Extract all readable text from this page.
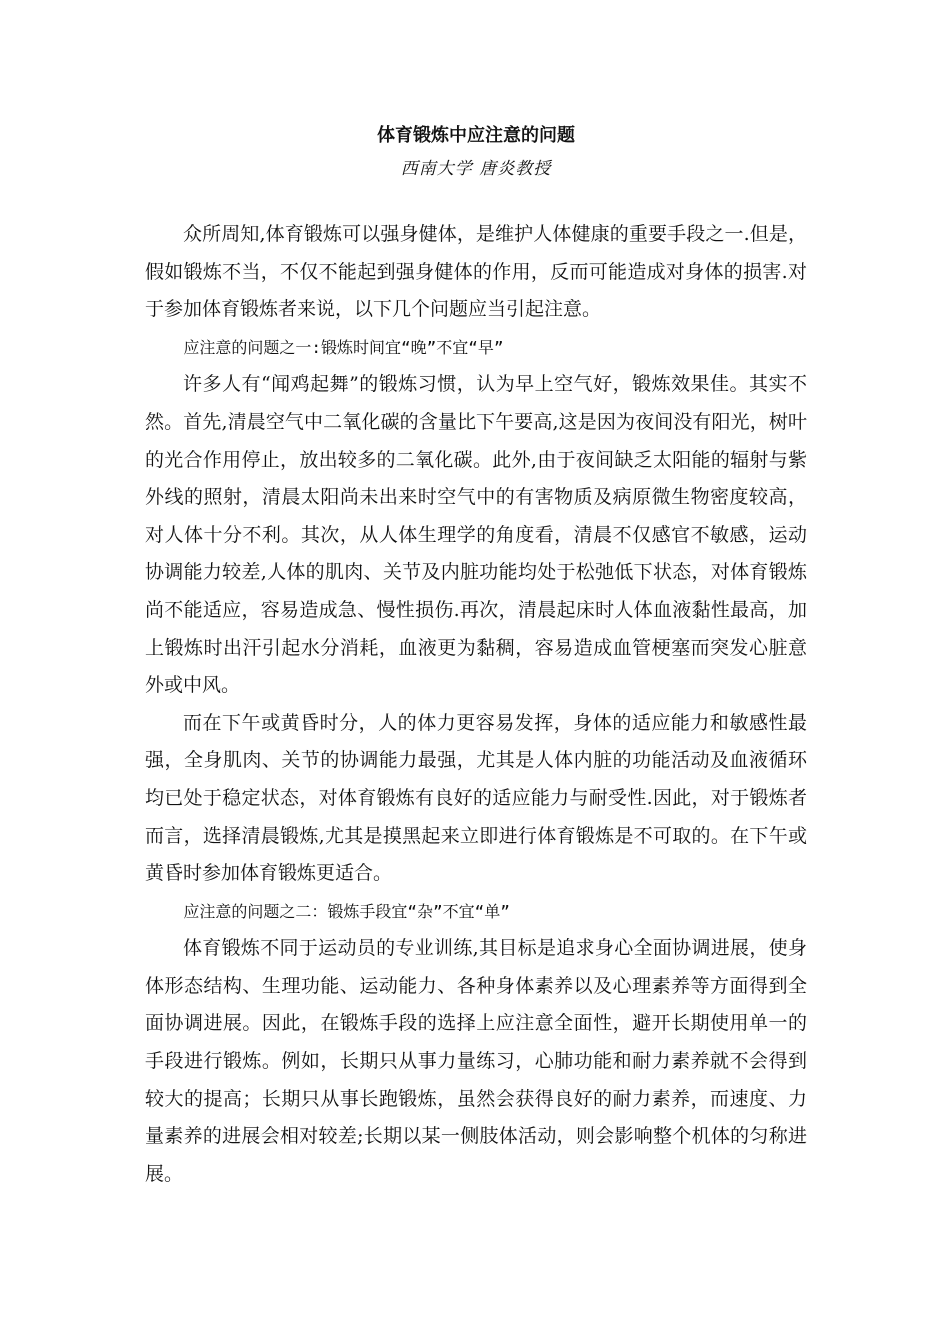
体育锻炼中应注意的问题

西南大学 唐炎教授

众所周知,体育锻炼可以强身健体，是维护人体健康的重要手段之一.但是，假如锻炼不当，不仅不能起到强身健体的作用，反而可能造成对身体的损害.对于参加体育锻炼者来说，以下几个问题应当引起注意。

应注意的问题之一:锻炼时间宜“晚”不宜“早”

许多人有“闻鸡起舞”的锻炼习惯，认为早上空气好，锻炼效果佳。其实不然。首先,清晨空气中二氧化碳的含量比下午要高,这是因为夜间没有阳光，树叶的光合作用停止，放出较多的二氧化碳。此外,由于夜间缺乏太阳能的辐射与紫外线的照射，清晨太阳尚未出来时空气中的有害物质及病原微生物密度较高，对人体十分不利。其次，从人体生理学的角度看，清晨不仅感官不敏感，运动协调能力较差,人体的肌肉、关节及内脏功能均处于松弛低下状态，对体育锻炼尚不能适应，容易造成急、慢性损伤.再次，清晨起床时人体血液黏性最高，加上锻炼时出汗引起水分消耗，血液更为黏稠，容易造成血管梗塞而突发心脏意外或中风。

而在下午或黄昏时分，人的体力更容易发挥，身体的适应能力和敏感性最强，全身肌肉、关节的协调能力最强，尤其是人体内脏的功能活动及血液循环均已处于稳定状态，对体育锻炼有良好的适应能力与耐受性.因此，对于锻炼者而言，选择清晨锻炼,尤其是摸黑起来立即进行体育锻炼是不可取的。在下午或黄昏时参加体育锻炼更适合。

应注意的问题之二：锻炼手段宜“杂”不宜“单”

体育锻炼不同于运动员的专业训练,其目标是追求身心全面协调进展，使身体形态结构、生理功能、运动能力、各种身体素养以及心理素养等方面得到全面协调进展。因此，在锻炼手段的选择上应注意全面性，避开长期使用单一的手段进行锻炼。例如，长期只从事力量练习，心肺功能和耐力素养就不会得到较大的提高；长期只从事长跑锻炼，虽然会获得良好的耐力素养，而速度、力量素养的进展会相对较差;长期以某一侧肢体活动，则会影响整个机体的匀称进展。
